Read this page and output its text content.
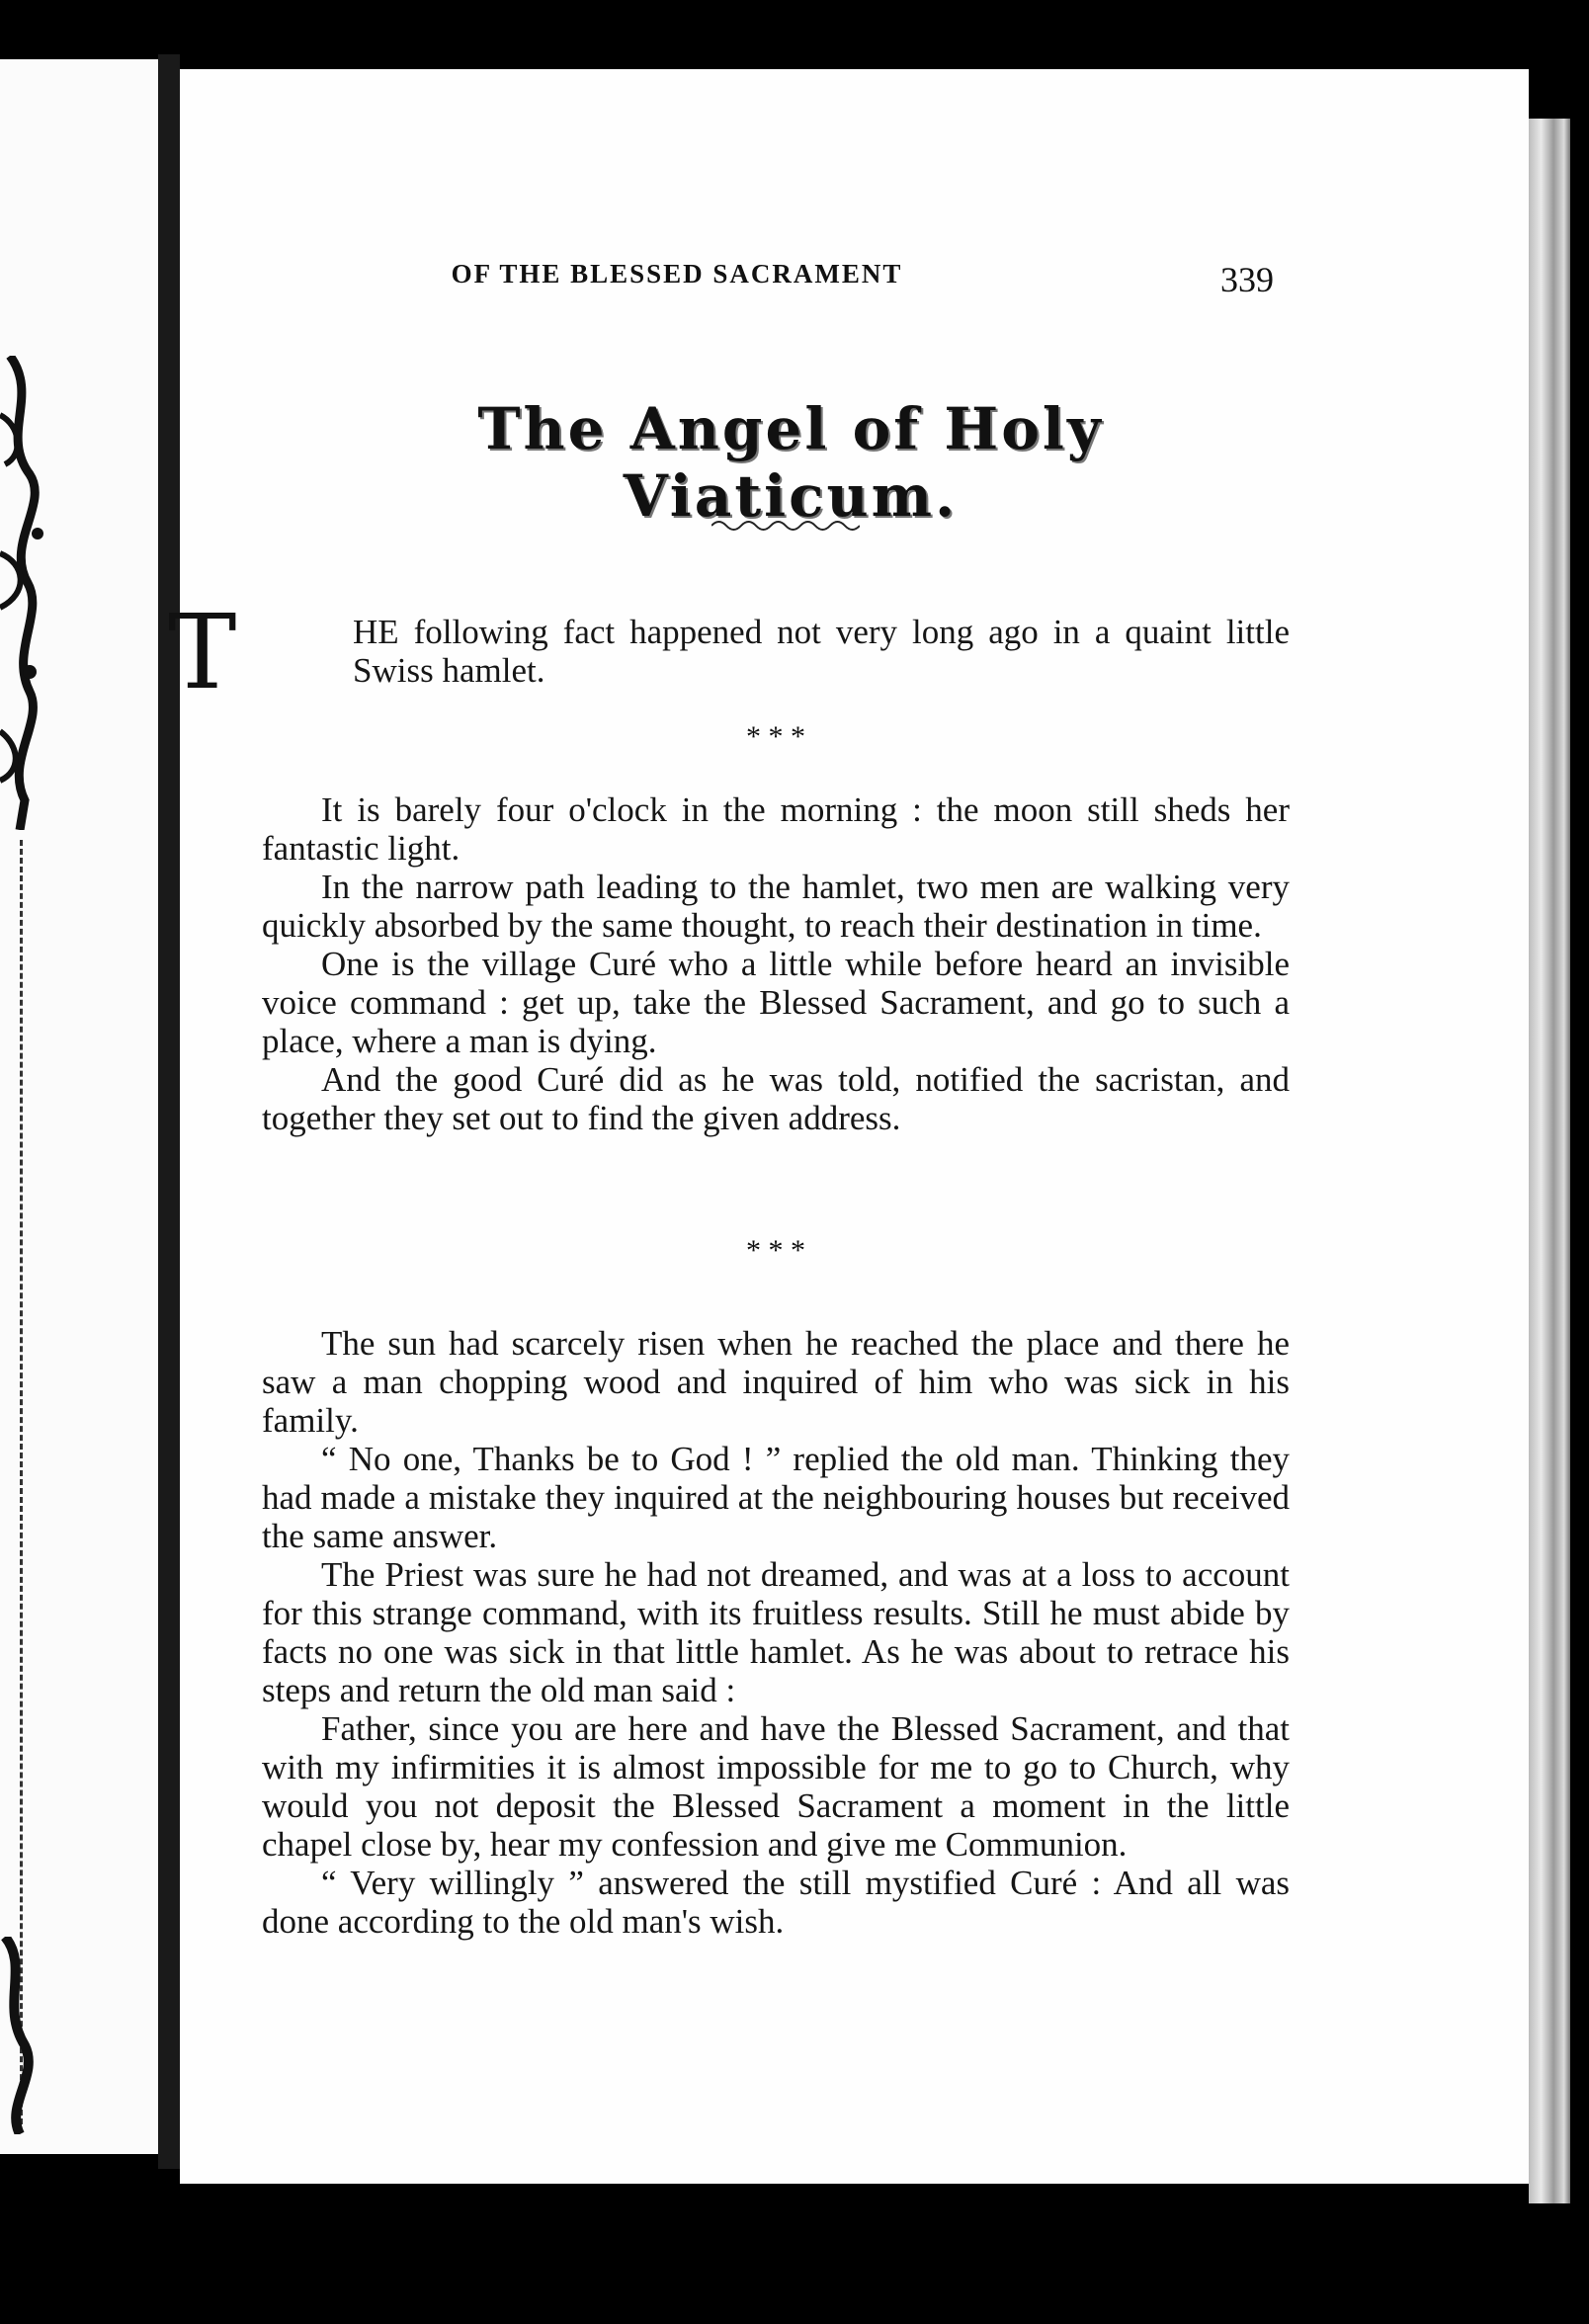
OF THE BLESSED SACRAMENT	339
The Angel of Holy Viaticum.
T	HE following fact happened not very long ago in a quaint little Swiss hamlet.

* * *

It is barely four o'clock in the morning : the moon still sheds her fantastic light.

In the narrow path leading to the hamlet, two men are walking very quickly absorbed by the same thought, to reach their destination in time.

One is the village Curé who a little while before heard an invisible voice command : get up, take the Blessed Sacrament, and go to such a place, where a man is dying.

And the good Curé did as he was told, notified the sacristan, and together they set out to find the given address.

* * *

The sun had scarcely risen when he reached the place and there he saw a man chopping wood and inquired of him who was sick in his family.

“ No one, Thanks be to God ! ” replied the old man. Thinking they had made a mistake they inquired at the neighbouring houses but received the same answer.

The Priest was sure he had not dreamed, and was at a loss to account for this strange command, with its fruitless results. Still he must abide by facts no one was sick in that little hamlet. As he was about to retrace his steps and return the old man said :

Father, since you are here and have the Blessed Sacrament, and that with my infirmities it is almost impossible for me to go to Church, why would you not deposit the Blessed Sacrament a moment in the little chapel close by, hear my confession and give me Communion.

“ Very willingly ” answered the still mystified Curé : And all was done according to the old man's wish.
